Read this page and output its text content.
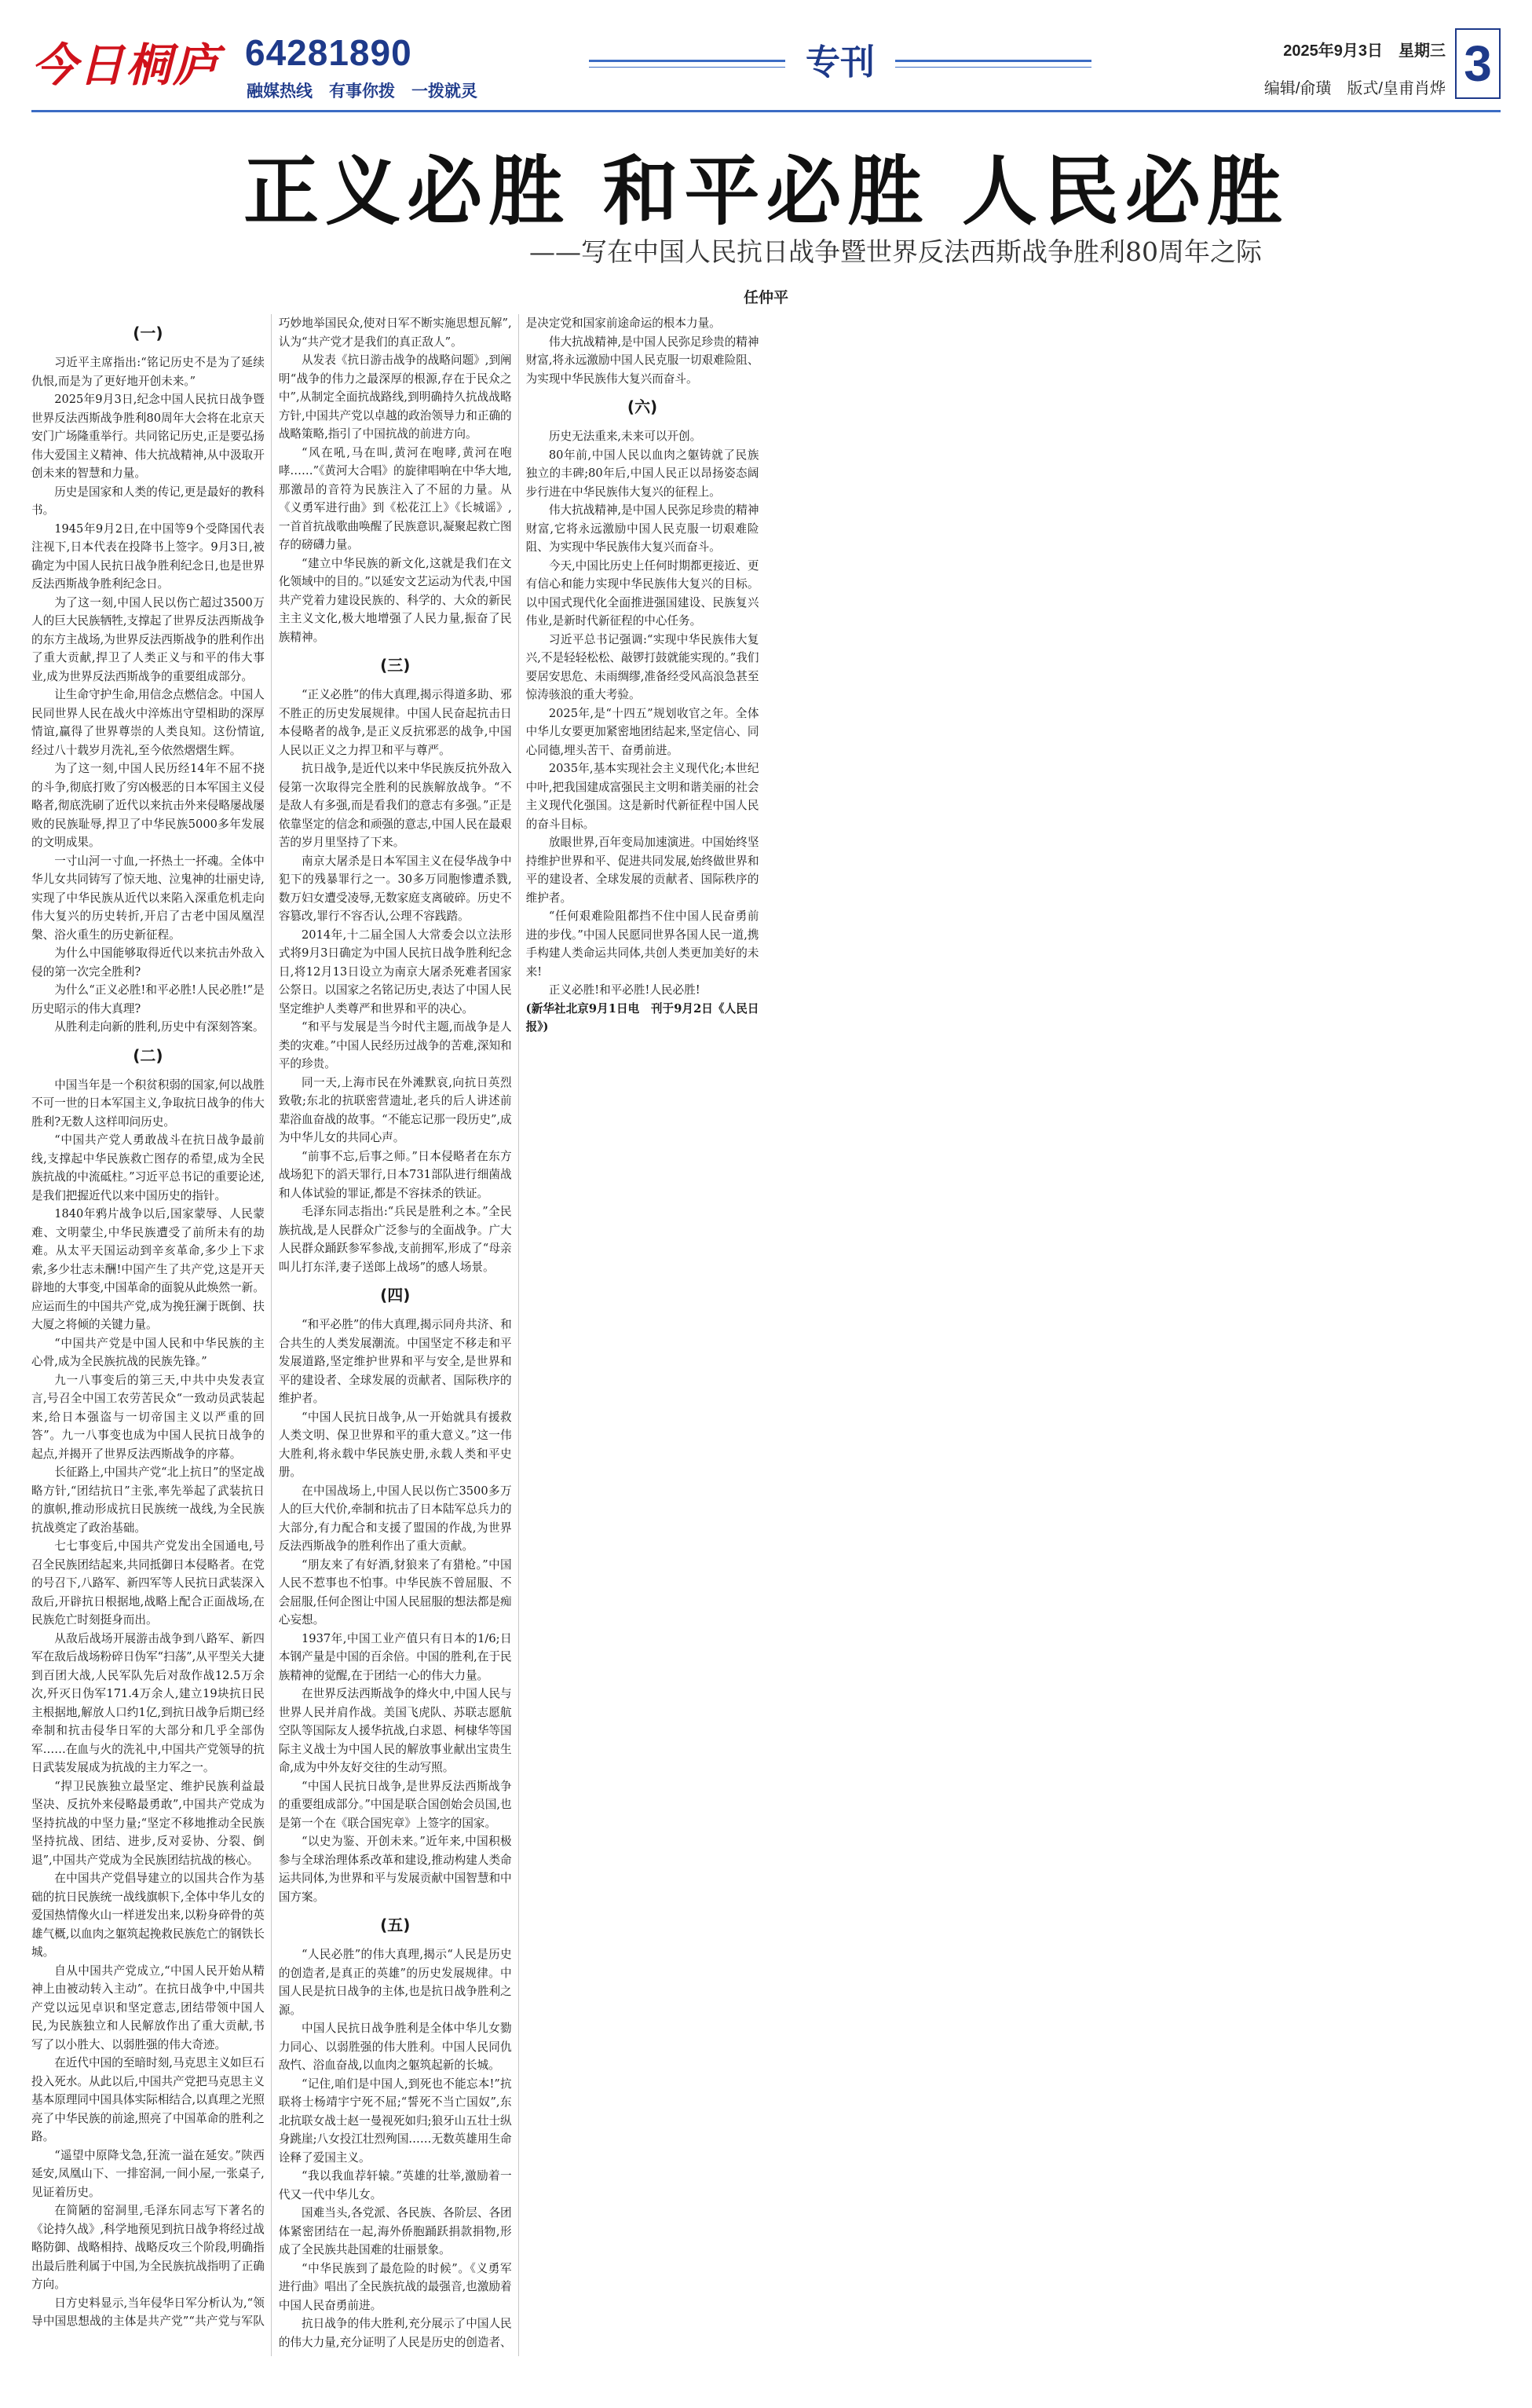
今日桐庐 64281890
融媒热线　有事你拨　一拨就灵
专刊	2025年9月3日　星期三
编辑/俞璜　版式/皇甫肖烨 3
正义必胜 和平必胜 人民必胜
——写在中国人民抗日战争暨世界反法西斯战争胜利80周年之际
任仲平
(一)

习近平主席指出:“铭记历史不是为了延续仇恨,而是为了更好地开创未来。”

2025年9月3日,纪念中国人民抗日战争暨世界反法西斯战争胜利80周年大会将在北京天安门广场隆重举行。共同铭记历史,正是要弘扬伟大爱国主义精神、伟大抗战精神,从中汲取开创未来的智慧和力量。

历史是国家和人类的传记,更是最好的教科书。

1945年9月2日,在中国等9个受降国代表注视下,日本代表在投降书上签字。9月3日,被确定为中国人民抗日战争胜利纪念日,也是世界反法西斯战争胜利纪念日。

为了这一刻,中国人民以伤亡超过3500万人的巨大民族牺牲,支撑起了世界反法西斯战争的东方主战场,为世界反法西斯战争的胜利作出了重大贡献,捍卫了人类正义与和平的伟大事业,成为世界反法西斯战争的重要组成部分。

让生命守护生命,用信念点燃信念。中国人民同世界人民在战火中淬炼出守望相助的深厚情谊,赢得了世界尊崇的人类良知。这份情谊,经过八十载岁月洗礼,至今依然熠熠生辉。

为了这一刻,中国人民历经14年不屈不挠的斗争,彻底打败了穷凶极恶的日本军国主义侵略者,彻底洗刷了近代以来抗击外来侵略屡战屡败的民族耻辱,捍卫了中华民族5000多年发展的文明成果。

一寸山河一寸血,一抔热土一抔魂。全体中华儿女共同铸写了惊天地、泣鬼神的壮丽史诗,实现了中华民族从近代以来陷入深重危机走向伟大复兴的历史转折,开启了古老中国凤凰涅槃、浴火重生的历史新征程。

为什么中国能够取得近代以来抗击外敌入侵的第一次完全胜利?

为什么“正义必胜!和平必胜!人民必胜!”是历史昭示的伟大真理?

从胜利走向新的胜利,历史中有深刻答案。

(二)

中国当年是一个积贫积弱的国家,何以战胜不可一世的日本军国主义,争取抗日战争的伟大胜利?无数人这样叩问历史。

“中国共产党人勇敢战斗在抗日战争最前线,支撑起中华民族救亡图存的希望,成为全民族抗战的中流砥柱。”习近平总书记的重要论述,是我们把握近代以来中国历史的指针。

1840年鸦片战争以后,国家蒙辱、人民蒙难、文明蒙尘,中华民族遭受了前所未有的劫难。从太平天国运动到辛亥革命,多少上下求索,多少壮志未酬!中国产生了共产党,这是开天辟地的大事变,中国革命的面貌从此焕然一新。应运而生的中国共产党,成为挽狂澜于既倒、扶大厦之将倾的关键力量。

“中国共产党是中国人民和中华民族的主心骨,成为全民族抗战的民族先锋。”

九一八事变后的第三天,中共中央发表宣言,号召全中国工农劳苦民众“一致动员武装起来,给日本强盗与一切帝国主义以严重的回答”。九一八事变也成为中国人民抗日战争的起点,并揭开了世界反法西斯战争的序幕。

长征路上,中国共产党“北上抗日”的坚定战略方针,“团结抗日”主张,率先举起了武装抗日的旗帜,推动形成抗日民族统一战线,为全民族抗战奠定了政治基础。

七七事变后,中国共产党发出全国通电,号召全民族团结起来,共同抵御日本侵略者。在党的号召下,八路军、新四军等人民抗日武装深入敌后,开辟抗日根据地,战略上配合正面战场,在民族危亡时刻挺身而出。

从敌后战场开展游击战争到八路军、新四军在敌后战场粉碎日伪军“扫荡”,从平型关大捷到百团大战,人民军队先后对敌作战12.5万余次,歼灭日伪军171.4万余人,建立19块抗日民主根据地,解放人口约1亿,到抗日战争后期已经牵制和抗击侵华日军的大部分和几乎全部伪军……在血与火的洗礼中,中国共产党领导的抗日武装发展成为抗战的主力军之一。

“捍卫民族独立最坚定、维护民族利益最坚决、反抗外来侵略最勇敢”,中国共产党成为坚持抗战的中坚力量;“坚定不移地推动全民族坚持抗战、团结、进步,反对妥协、分裂、倒退”,中国共产党成为全民族团结抗战的核心。

在中国共产党倡导建立的以国共合作为基础的抗日民族统一战线旗帜下,全体中华儿女的爱国热情像火山一样迸发出来,以粉身碎骨的英雄气概,以血肉之躯筑起挽救民族危亡的钢铁长城。

自从中国共产党成立,“中国人民开始从精神上由被动转入主动”。在抗日战争中,中国共产党以远见卓识和坚定意志,团结带领中国人民,为民族独立和人民解放作出了重大贡献,书写了以小胜大、以弱胜强的伟大奇迹。

在近代中国的至暗时刻,马克思主义如巨石投入死水。从此以后,中国共产党把马克思主义基本原理同中国具体实际相结合,以真理之光照亮了中华民族的前途,照亮了中国革命的胜利之路。

“遥望中原降戈急,狂流一溢在延安。”陕西延安,凤凰山下、一排窑洞,一间小屋,一张桌子,见证着历史。

在简陋的窑洞里,毛泽东同志写下著名的《论持久战》,科学地预见到抗日战争将经过战略防御、战略相持、战略反攻三个阶段,明确指出最后胜利属于中国,为全民族抗战指明了正确方向。

日方史料显示,当年侵华日军分析认为,“领导中国思想战的主体是共产党”“共产党与军队巧妙地举国民众,使对日军不断实施思想瓦解”,认为“共产党才是我们的真正敌人”。

从发表《抗日游击战争的战略问题》,到阐明“战争的伟力之最深厚的根源,存在于民众之中”,从制定全面抗战路线,到明确持久抗战战略方针,中国共产党以卓越的政治领导力和正确的战略策略,指引了中国抗战的前进方向。

“风在吼,马在叫,黄河在咆哮,黄河在咆哮……”《黄河大合唱》的旋律唱响在中华大地,那激昂的音符为民族注入了不屈的力量。从《义勇军进行曲》到《松花江上》《长城谣》,一首首抗战歌曲唤醒了民族意识,凝聚起救亡图存的磅礴力量。

“建立中华民族的新文化,这就是我们在文化领域中的目的。”以延安文艺运动为代表,中国共产党着力建设民族的、科学的、大众的新民主主义文化,极大地增强了人民力量,振奋了民族精神。

(三)

“正义必胜”的伟大真理,揭示得道多助、邪不胜正的历史发展规律。中国人民奋起抗击日本侵略者的战争,是正义反抗邪恶的战争,中国人民以正义之力捍卫和平与尊严。

抗日战争,是近代以来中华民族反抗外敌入侵第一次取得完全胜利的民族解放战争。“不是敌人有多强,而是看我们的意志有多强。”正是依靠坚定的信念和顽强的意志,中国人民在最艰苦的岁月里坚持了下来。

南京大屠杀是日本军国主义在侵华战争中犯下的残暴罪行之一。30多万同胞惨遭杀戮,数万妇女遭受凌辱,无数家庭支离破碎。历史不容篡改,罪行不容否认,公理不容践踏。

2014年,十二届全国人大常委会以立法形式将9月3日确定为中国人民抗日战争胜利纪念日,将12月13日设立为南京大屠杀死难者国家公祭日。以国家之名铭记历史,表达了中国人民坚定维护人类尊严和世界和平的决心。

“和平与发展是当今时代主题,而战争是人类的灾难。”中国人民经历过战争的苦难,深知和平的珍贵。

同一天,上海市民在外滩默哀,向抗日英烈致敬;东北的抗联密营遗址,老兵的后人讲述前辈浴血奋战的故事。“不能忘记那一段历史”,成为中华儿女的共同心声。

“前事不忘,后事之师。”日本侵略者在东方战场犯下的滔天罪行,日本731部队进行细菌战和人体试验的罪证,都是不容抹杀的铁证。

毛泽东同志指出:“兵民是胜利之本。”全民族抗战,是人民群众广泛参与的全面战争。广大人民群众踊跃参军参战,支前拥军,形成了“母亲叫儿打东洋,妻子送郎上战场”的感人场景。

(四)

“和平必胜”的伟大真理,揭示同舟共济、和合共生的人类发展潮流。中国坚定不移走和平发展道路,坚定维护世界和平与安全,是世界和平的建设者、全球发展的贡献者、国际秩序的维护者。

“中国人民抗日战争,从一开始就具有援救人类文明、保卫世界和平的重大意义。”这一伟大胜利,将永载中华民族史册,永载人类和平史册。

在中国战场上,中国人民以伤亡3500多万人的巨大代价,牵制和抗击了日本陆军总兵力的大部分,有力配合和支援了盟国的作战,为世界反法西斯战争的胜利作出了重大贡献。

“朋友来了有好酒,豺狼来了有猎枪。”中国人民不惹事也不怕事。中华民族不曾屈服、不会屈服,任何企图让中国人民屈服的想法都是痴心妄想。

1937年,中国工业产值只有日本的1/6;日本钢产量是中国的百余倍。中国的胜利,在于民族精神的觉醒,在于团结一心的伟大力量。

在世界反法西斯战争的烽火中,中国人民与世界人民并肩作战。美国飞虎队、苏联志愿航空队等国际友人援华抗战,白求恩、柯棣华等国际主义战士为中国人民的解放事业献出宝贵生命,成为中外友好交往的生动写照。

“中国人民抗日战争,是世界反法西斯战争的重要组成部分。”中国是联合国创始会员国,也是第一个在《联合国宪章》上签字的国家。

“以史为鉴、开创未来。”近年来,中国积极参与全球治理体系改革和建设,推动构建人类命运共同体,为世界和平与发展贡献中国智慧和中国方案。

(五)

“人民必胜”的伟大真理,揭示“人民是历史的创造者,是真正的英雄”的历史发展规律。中国人民是抗日战争的主体,也是抗日战争胜利之源。

中国人民抗日战争胜利是全体中华儿女勠力同心、以弱胜强的伟大胜利。中国人民同仇敌忾、浴血奋战,以血肉之躯筑起新的长城。

“记住,咱们是中国人,到死也不能忘本!”抗联将士杨靖宇宁死不屈;“誓死不当亡国奴”,东北抗联女战士赵一曼视死如归;狼牙山五壮士纵身跳崖;八女投江壮烈殉国……无数英雄用生命诠释了爱国主义。

“我以我血荐轩辕。”英雄的壮举,激励着一代又一代中华儿女。

国难当头,各党派、各民族、各阶层、各团体紧密团结在一起,海外侨胞踊跃捐款捐物,形成了全民族共赴国难的壮丽景象。

“中华民族到了最危险的时候”。《义勇军进行曲》唱出了全民族抗战的最强音,也激励着中国人民奋勇前进。

抗日战争的伟大胜利,充分展示了中国人民的伟大力量,充分证明了人民是历史的创造者、是决定党和国家前途命运的根本力量。

伟大抗战精神,是中国人民弥足珍贵的精神财富,将永远激励中国人民克服一切艰难险阻、为实现中华民族伟大复兴而奋斗。

(六)

历史无法重来,未来可以开创。

80年前,中国人民以血肉之躯铸就了民族独立的丰碑;80年后,中国人民正以昂扬姿态阔步行进在中华民族伟大复兴的征程上。

伟大抗战精神,是中国人民弥足珍贵的精神财富,它将永远激励中国人民克服一切艰难险阻、为实现中华民族伟大复兴而奋斗。

今天,中国比历史上任何时期都更接近、更有信心和能力实现中华民族伟大复兴的目标。以中国式现代化全面推进强国建设、民族复兴伟业,是新时代新征程的中心任务。

习近平总书记强调:“实现中华民族伟大复兴,不是轻轻松松、敲锣打鼓就能实现的。”我们要居安思危、未雨绸缪,准备经受风高浪急甚至惊涛骇浪的重大考验。

2025年,是“十四五”规划收官之年。全体中华儿女要更加紧密地团结起来,坚定信心、同心同德,埋头苦干、奋勇前进。

2035年,基本实现社会主义现代化;本世纪中叶,把我国建成富强民主文明和谐美丽的社会主义现代化强国。这是新时代新征程中国人民的奋斗目标。

放眼世界,百年变局加速演进。中国始终坚持维护世界和平、促进共同发展,始终做世界和平的建设者、全球发展的贡献者、国际秩序的维护者。

“任何艰难险阻都挡不住中国人民奋勇前进的步伐。”中国人民愿同世界各国人民一道,携手构建人类命运共同体,共创人类更加美好的未来!

正义必胜!和平必胜!人民必胜!

(新华社北京9月1日电　刊于9月2日《人民日报》)
